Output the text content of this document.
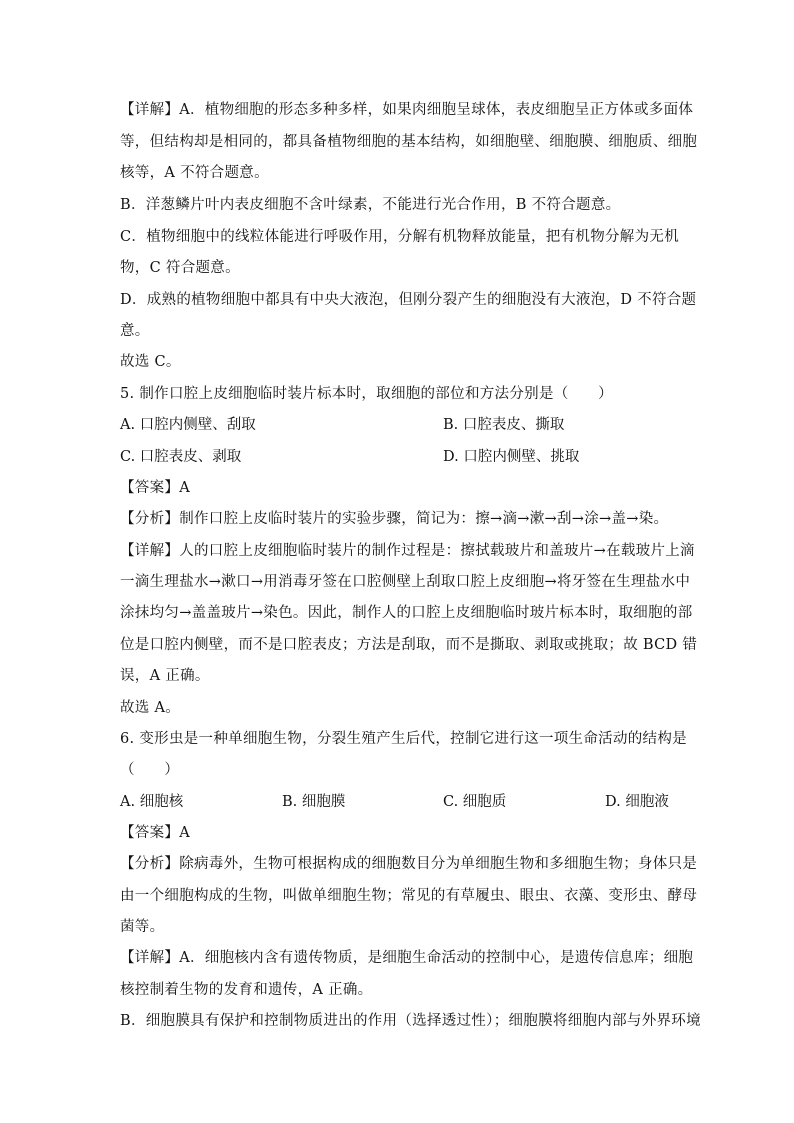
【详解】A．植物细胞的形态多种多样，如果肉细胞呈球体，表皮细胞呈正方体或多面体
等，但结构却是相同的，都具备植物细胞的基本结构，如细胞壁、细胞膜、细胞质、细胞
核等，A 不符合题意。
B．洋葱鳞片叶内表皮细胞不含叶绿素，不能进行光合作用，B 不符合题意。
C．植物细胞中的线粒体能进行呼吸作用，分解有机物释放能量，把有机物分解为无机
物，C 符合题意。
D．成熟的植物细胞中都具有中央大液泡，但刚分裂产生的细胞没有大液泡，D 不符合题
意。
故选 C。
5. 制作口腔上皮细胞临时装片标本时，取细胞的部位和方法分别是（　　）
A. 口腔内侧壁、刮取	B. 口腔表皮、撕取
C. 口腔表皮、剥取	D. 口腔内侧壁、挑取
【答案】A
【分析】制作口腔上皮临时装片的实验步骤，简记为：擦→滴→漱→刮→涂→盖→染。
【详解】人的口腔上皮细胞临时装片的制作过程是：擦拭载玻片和盖玻片→在载玻片上滴
一滴生理盐水→漱口→用消毒牙签在口腔侧壁上刮取口腔上皮细胞→将牙签在生理盐水中
涂抹均匀→盖盖玻片→染色。因此，制作人的口腔上皮细胞临时玻片标本时，取细胞的部
位是口腔内侧壁，而不是口腔表皮；方法是刮取，而不是撕取、剥取或挑取；故 BCD 错
误，A 正确。
故选 A。
6. 变形虫是一种单细胞生物，分裂生殖产生后代，控制它进行这一项生命活动的结构是
（　　）
A. 细胞核	B. 细胞膜	C. 细胞质	D. 细胞液
【答案】A
【分析】除病毒外，生物可根据构成的细胞数目分为单细胞生物和多细胞生物；身体只是
由一个细胞构成的生物，叫做单细胞生物；常见的有草履虫、眼虫、衣藻、变形虫、酵母
菌等。
【详解】A．细胞核内含有遗传物质，是细胞生命活动的控制中心，是遗传信息库；细胞
核控制着生物的发育和遗传，A 正确。
B．细胞膜具有保护和控制物质进出的作用（选择透过性）；细胞膜将细胞内部与外界环境
